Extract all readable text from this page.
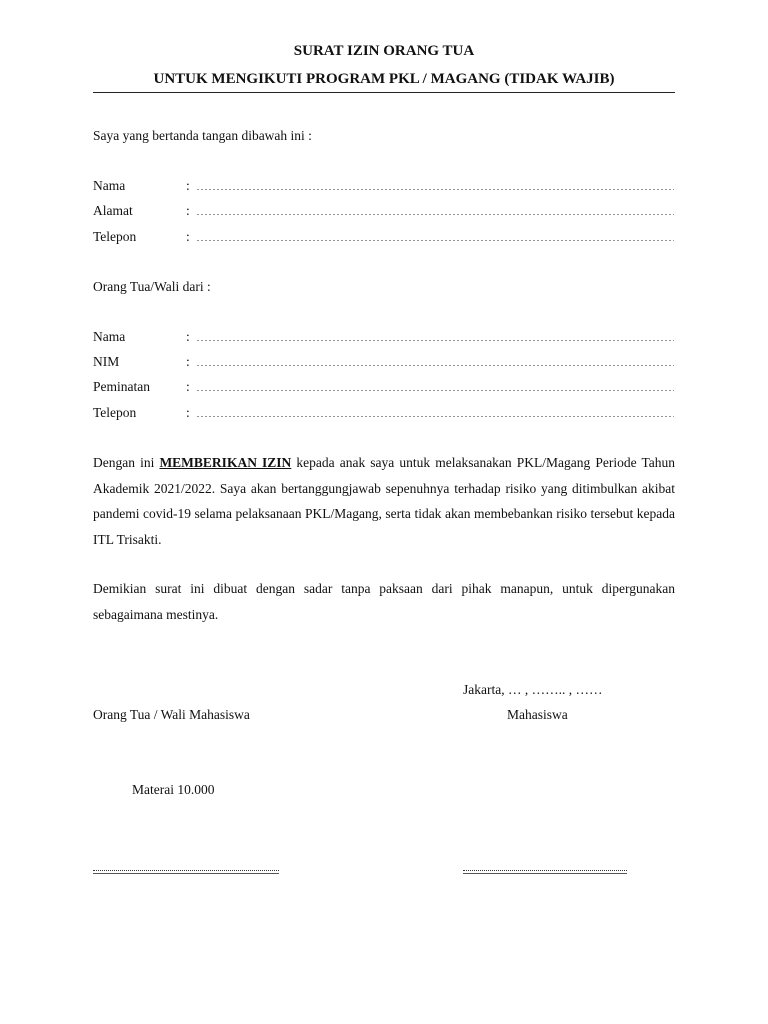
SURAT IZIN ORANG TUA
UNTUK MENGIKUTI PROGRAM PKL / MAGANG (TIDAK WAJIB)
Saya yang bertanda tangan dibawah ini :
Nama	:
Alamat	:
Telepon	:
Orang Tua/Wali dari :
Nama	:
NIM	:
Peminatan	:
Telepon	:
Dengan ini MEMBERIKAN IZIN kepada anak saya untuk melaksanakan PKL/Magang Periode Tahun Akademik 2021/2022. Saya akan bertanggungjawab sepenuhnya terhadap risiko yang ditimbulkan akibat pandemi covid-19 selama pelaksanaan PKL/Magang, serta tidak akan membebankan risiko tersebut kepada ITL Trisakti.
Demikian surat ini dibuat dengan sadar tanpa paksaan dari pihak manapun, untuk dipergunakan sebagaimana mestinya.
Jakarta, … , …….. , ……
Orang Tua / Wali Mahasiswa	Mahasiswa
Materai 10.000
